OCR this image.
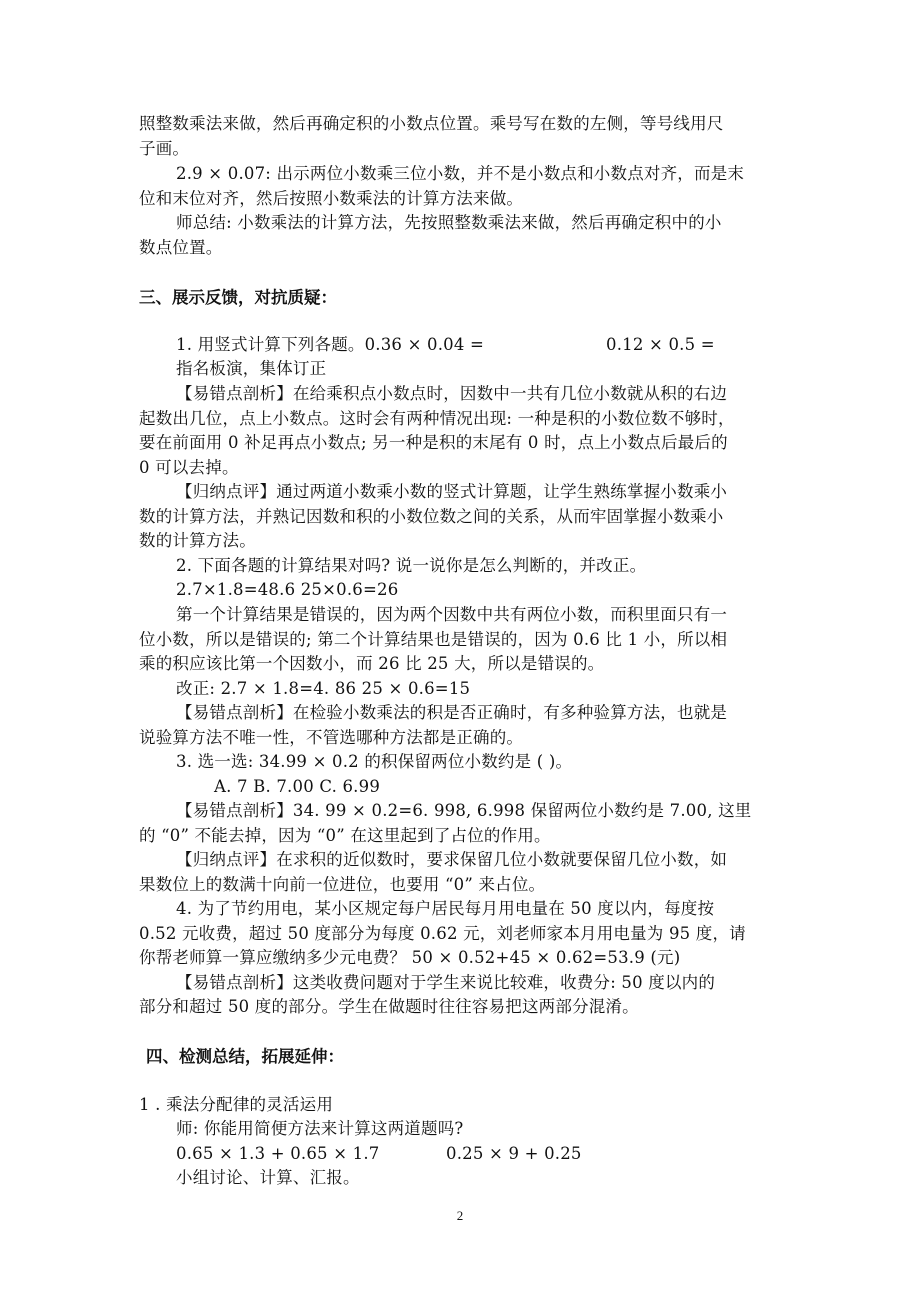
照整数乘法来做，然后再确定积的小数点位置。乘号写在数的左侧，等号线用尺
子画。
2.9 × 0.07: 出示两位小数乘三位小数，并不是小数点和小数点对齐，而是末
位和末位对齐，然后按照小数乘法的计算方法来做。
师总结: 小数乘法的计算方法，先按照整数乘法来做，然后再确定积中的小
数点位置。
三、展示反馈，对抗质疑：
1. 用竖式计算下列各题。0.36 × 0.04 =	0.12 × 0.5 =
指名板演，集体订正
【易错点剖析】在给乘积点小数点时，因数中一共有几位小数就从积的右边
起数出几位，点上小数点。这时会有两种情况出现: 一种是积的小数位数不够时，
要在前面用 0 补足再点小数点; 另一种是积的末尾有 0 时，点上小数点后最后的
0 可以去掉。
【归纳点评】通过两道小数乘小数的竖式计算题，让学生熟练掌握小数乘小
数的计算方法，并熟记因数和积的小数位数之间的关系，从而牢固掌握小数乘小
数的计算方法。
2. 下面各题的计算结果对吗? 说一说你是怎么判断的，并改正。
2.7×1.8=48.6 25×0.6=26
第一个计算结果是错误的，因为两个因数中共有两位小数，而积里面只有一
位小数，所以是错误的; 第二个计算结果也是错误的，因为 0.6 比 1 小，所以相
乘的积应该比第一个因数小，而 26 比 25 大，所以是错误的。
改正: 2.7 × 1.8=4. 86 25 × 0.6=15
【易错点剖析】在检验小数乘法的积是否正确时，有多种验算方法，也就是
说验算方法不唯一性，不管选哪种方法都是正确的。
3. 选一选: 34.99 × 0.2 的积保留两位小数约是 ( )。
A. 7 B. 7.00 C. 6.99
【易错点剖析】34. 99 × 0.2=6. 998, 6.998 保留两位小数约是 7.00, 这里
的 “0” 不能去掉，因为 “0” 在这里起到了占位的作用。
【归纳点评】在求积的近似数时，要求保留几位小数就要保留几位小数，如
果数位上的数满十向前一位进位，也要用 “0” 来占位。
4. 为了节约用电，某小区规定每户居民每月用电量在 50 度以内，每度按
0.52 元收费，超过 50 度部分为每度 0.62 元，刘老师家本月用电量为 95 度，请
你帮老师算一算应缴纳多少元电费？ 50 × 0.52+45 × 0.62=53.9 (元)
【易错点剖析】这类收费问题对于学生来说比较难，收费分: 50 度以内的
部分和超过 50 度的部分。学生在做题时往往容易把这两部分混淆。
四、检测总结，拓展延伸：
1 . 乘法分配律的灵活运用
师: 你能用简便方法来计算这两道题吗?
0.65 × 1.3 + 0.65 × 1.7	0.25 × 9 + 0.25
小组讨论、计算、汇报。
2
